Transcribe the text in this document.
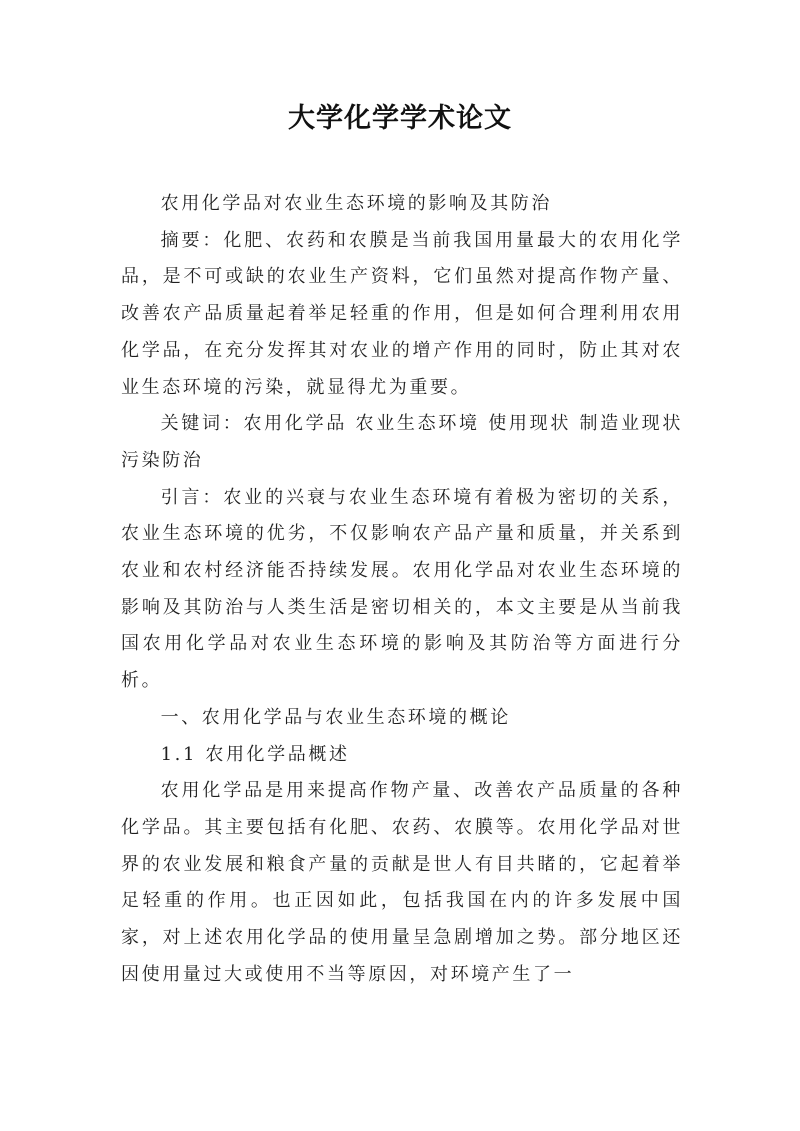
大学化学学术论文

农用化学品对农业生态环境的影响及其防治

摘要：化肥、农药和农膜是当前我国用量最大的农用化学品，是不可或缺的农业生产资料，它们虽然对提高作物产量、改善农产品质量起着举足轻重的作用，但是如何合理利用农用化学品，在充分发挥其对农业的增产作用的同时，防止其对农业生态环境的污染，就显得尤为重要。

关键词：农用化学品 农业生态环境 使用现状 制造业现状 污染防治

引言：农业的兴衰与农业生态环境有着极为密切的关系，农业生态环境的优劣，不仅影响农产品产量和质量，并关系到农业和农村经济能否持续发展。农用化学品对农业生态环境的影响及其防治与人类生活是密切相关的，本文主要是从当前我国农用化学品对农业生态环境的影响及其防治等方面进行分析。

一、农用化学品与农业生态环境的概论

1.1 农用化学品概述

农用化学品是用来提高作物产量、改善农产品质量的各种化学品。其主要包括有化肥、农药、农膜等。农用化学品对世界的农业发展和粮食产量的贡献是世人有目共睹的，它起着举足轻重的作用。也正因如此，包括我国在内的许多发展中国家，对上述农用化学品的使用量呈急剧增加之势。部分地区还因使用量过大或使用不当等原因，对环境产生了一
